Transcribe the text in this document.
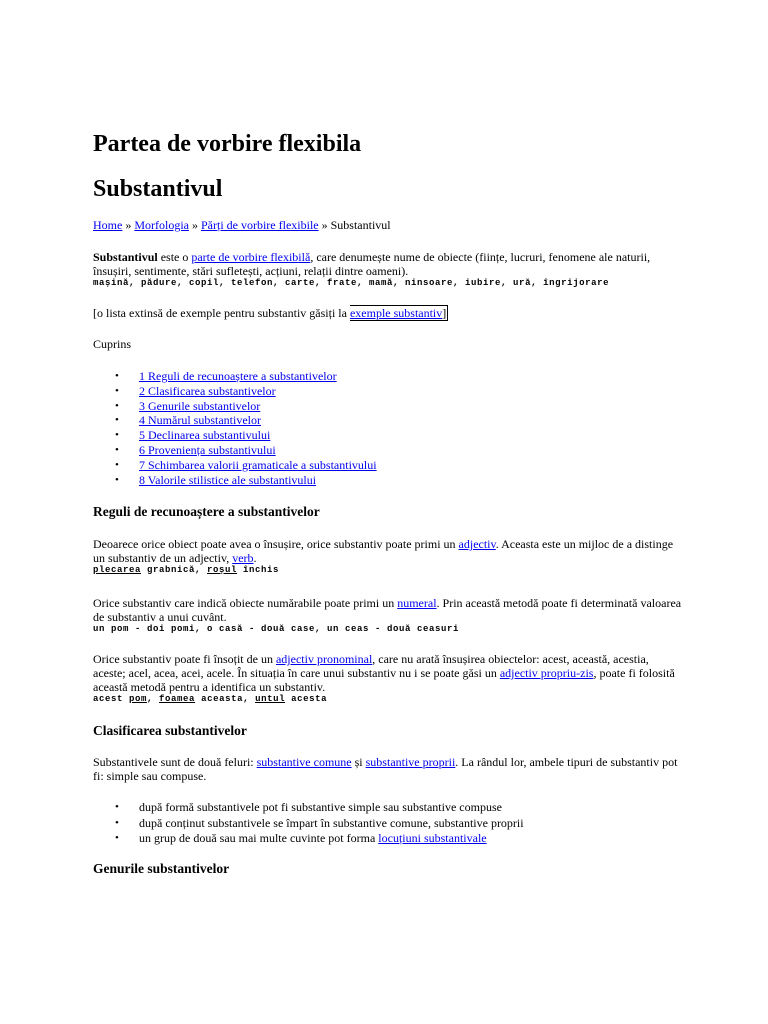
Partea de vorbire flexibila
Substantivul
Home » Morfologia » Părți de vorbire flexibile » Substantivul
Substantivul este o parte de vorbire flexibilă, care denumește nume de obiecte (ființe, lucruri, fenomene ale naturii, însușiri, sentimente, stări sufletești, acțiuni, relații dintre oameni).
mașină, pădure, copil, telefon, carte, frate, mamă, ninsoare, iubire, ură, îngrijorare
[o lista extinsă de exemple pentru substantiv găsiți la exemple substantiv]
Cuprins
• 1 Reguli de recunoaștere a substantivelor
• 2 Clasificarea substantivelor
• 3 Genurile substantivelor
• 4 Numărul substantivelor
• 5 Declinarea substantivului
• 6 Proveniența substantivului
• 7 Schimbarea valorii gramaticale a substantivului
• 8 Valorile stilistice ale substantivului
Reguli de recunoaștere a substantivelor
Deoarece orice obiect poate avea o însușire, orice substantiv poate primi un adjectiv. Aceasta este un mijloc de a distinge un substantiv de un adjectiv, verb.
plecarea grabnică, roșul închis
Orice substantiv care indică obiecte numărabile poate primi un numeral. Prin această metodă poate fi determinată valoarea de substantiv a unui cuvânt.
un pom - doi pomi, o casă - două case, un ceas - două ceasuri
Orice substantiv poate fi însoțit de un adjectiv pronominal, care nu arată însușirea obiectelor: acest, această, acestia, aceste; acel, acea, acei, acele. În situația în care unui substantiv nu i se poate găsi un adjectiv propriu-zis, poate fi folosită această metodă pentru a identifica un substantiv.
acest pom, foamea aceasta, untul acesta
Clasificarea substantivelor
Substantivele sunt de două feluri: substantive comune și substantive proprii. La rândul lor, ambele tipuri de substantiv pot fi: simple sau compuse.
• după formă substantivele pot fi substantive simple sau substantive compuse
• după conținut substantivele se împart în substantive comune, substantive proprii
• un grup de două sau mai multe cuvinte pot forma locuțiuni substantivale
Genurile substantivelor
